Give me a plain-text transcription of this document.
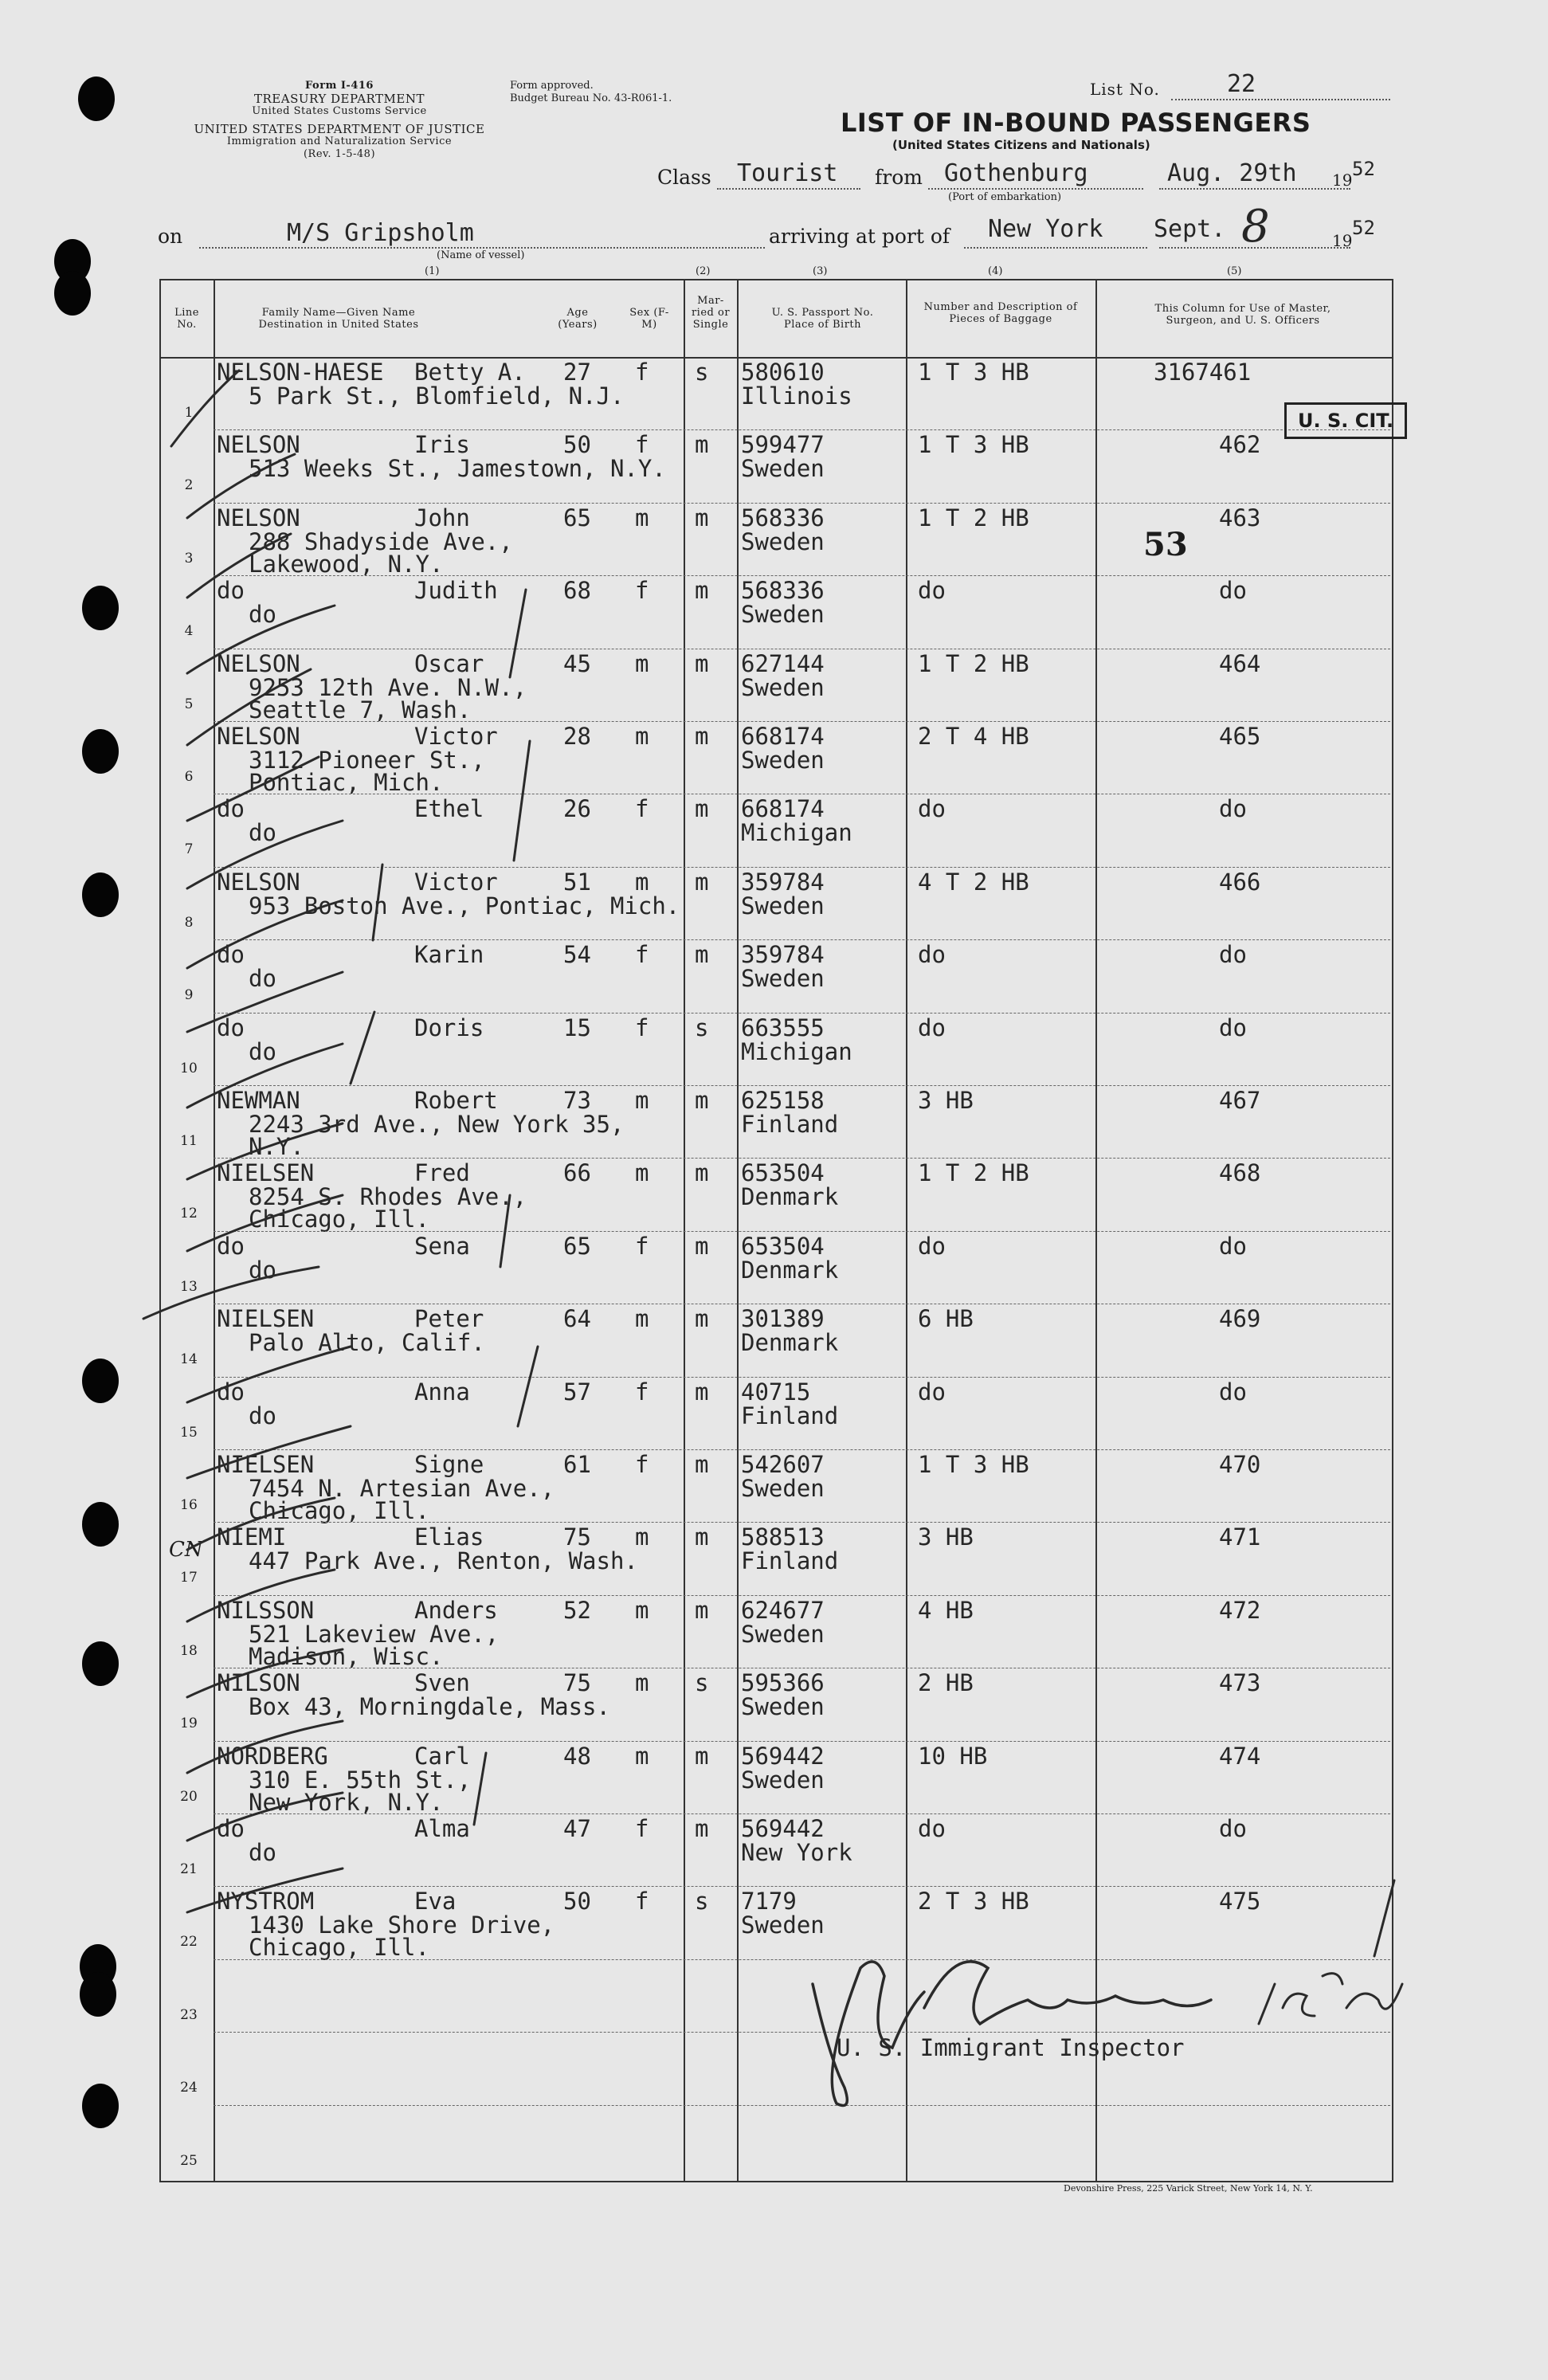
Form I-416
TREASURY DEPARTMENT
United States Customs Service
UNITED STATES DEPARTMENT OF JUSTICE
Immigration and Naturalization Service
(Rev. 1-5-48)
Form approved.
Budget Bureau No. 43-R061-1.	List No.	22
LIST OF IN-BOUND PASSENGERS
(United States Citizens and Nationals)
Class Tourist from Gothenburg
(Port of embarkation)
Aug. 29th 19 52
on	M/S Gripsholm
(Name of vessel)
arriving at port of New York Sept. 8	19
52
(1)	(2)	(3)	(4)	(5)
Line No.
Family Name—Given Name
Destination in United States
Age (Years)
Sex (F-M)
Mar-ried or Single
U. S. Passport No.
Place of Birth
Number and Description of Pieces of Baggage
This Column for Use of Master, Surgeon, and U. S. Officers
1
NELSON-HAESE Betty A.
5 Park St., Blomfield, N.J.
27 f s 580610
Illinois
1 T 3 HB	3167461
2
NELSON	Iris
513 Weeks St., Jamestown, N.Y.
50 f m 599477
Sweden
1 T 3 HB	462
3
NELSON	John
288 Shadyside Ave.,
Lakewood, N.Y.
65 m m 568336
Sweden
1 T 2 HB	463
4
do	Judith
do
68 f m 568336
Sweden
do	do
5
NELSON	Oscar
9253 12th Ave. N.W.,
Seattle 7, Wash.
45 m m 627144
Sweden
1 T 2 HB	464
6
NELSON	Victor
3112 Pioneer St.,
Pontiac, Mich.
28 m m 668174
Sweden
2 T 4 HB	465
7
do	Ethel
do
26 f m 668174
Michigan
do	do
8
NELSON	Victor
953 Boston Ave., Pontiac, Mich.
51 m m 359784
Sweden
4 T 2 HB	466
9
do	Karin
do
54 f m 359784
Sweden
do	do
10
do	Doris
do
15 f s 663555
Michigan
do	do
11
NEWMAN	Robert
2243 3rd Ave., New York 35,
N.Y.
73 m m 625158
Finland
3 HB	467
12
NIELSEN	Fred
8254 S. Rhodes Ave.,
Chicago, Ill.
66 m m 653504
Denmark
1 T 2 HB	468
13
do	Sena
do
65 f m 653504
Denmark
do	do
14
NIELSEN	Peter
Palo Alto, Calif.
64 m m 301389
Denmark
6 HB	469
15
do	Anna
do
57 f m 40715
Finland
do	do
16
NIELSEN	Signe
7454 N. Artesian Ave.,
Chicago, Ill.
61 f m 542607
Sweden
1 T 3 HB	470
17
NIEMI	Elias
447 Park Ave., Renton, Wash.
75 m m 588513
Finland
3 HB	471
18
NILSSON	Anders
521 Lakeview Ave.,
Madison, Wisc.
52 m m 624677
Sweden
4 HB	472
19
NILSON	Sven
Box 43, Morningdale, Mass.
75 m s 595366
Sweden
2 HB	473
20
NORDBERG	Carl
310 E. 55th St.,
New York, N.Y.
48 m m 569442
Sweden
10 HB	474
21
do	Alma
do
47 f m 569442
New York
do	do
22
NYSTROM	Eva
1430 Lake Shore Drive,
Chicago, Ill.
50 f s 7179
Sweden
2 T 3 HB	475
23
24
25
U. S. CIT.
53
CN
U. S. Immigrant Inspector
Devonshire Press, 225 Varick Street, New York 14, N. Y.
